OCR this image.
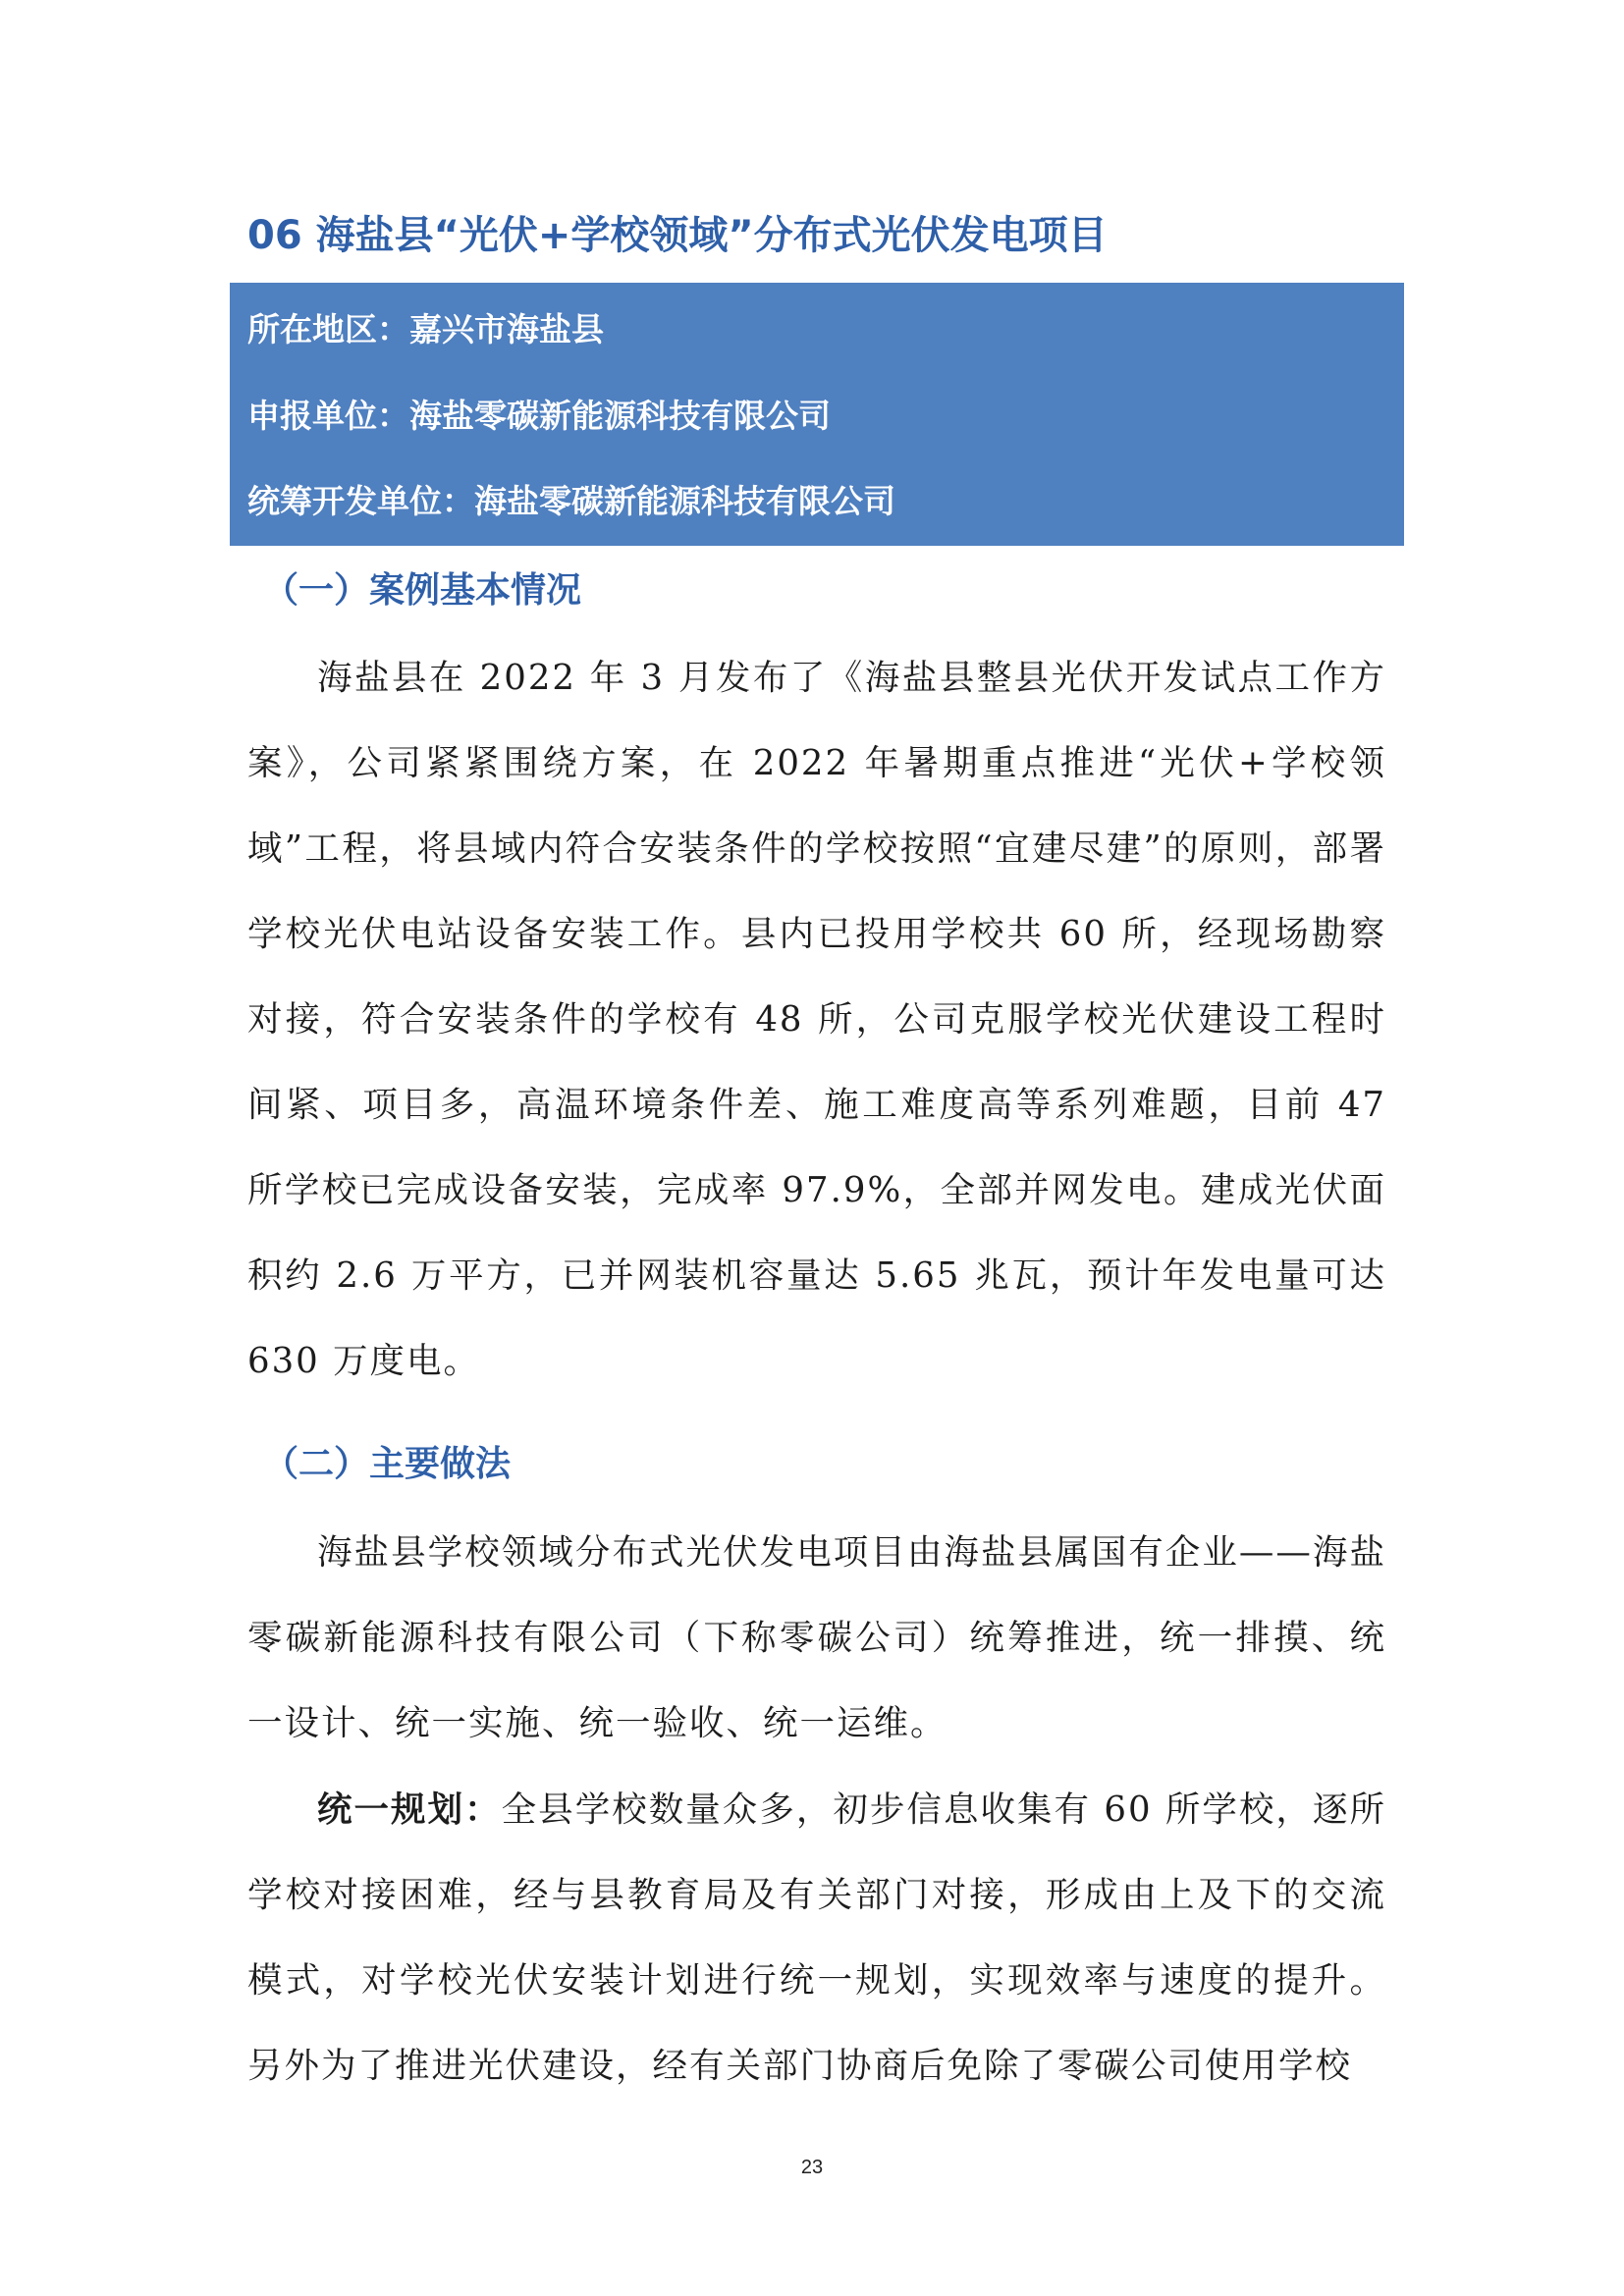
06 海盐县“光伏+学校领域”分布式光伏发电项目
所在地区：嘉兴市海盐县
申报单位：海盐零碳新能源科技有限公司
统筹开发单位：海盐零碳新能源科技有限公司
（一）案例基本情况

海盐县在 2022 年 3 月发布了《海盐县整县光伏开发试点工作方案》，公司紧紧围绕方案，在 2022 年暑期重点推进“光伏+学校领域”工程，将县域内符合安装条件的学校按照“宜建尽建”的原则，部署学校光伏电站设备安装工作。县内已投用学校共 60 所，经现场勘察对接，符合安装条件的学校有 48 所，公司克服学校光伏建设工程时间紧、项目多，高温环境条件差、施工难度高等系列难题，目前 47 所学校已完成设备安装，完成率 97.9%，全部并网发电。建成光伏面积约 2.6 万平方，已并网装机容量达 5.65 兆瓦，预计年发电量可达 630 万度电。

（二）主要做法

海盐县学校领域分布式光伏发电项目由海盐县属国有企业——海盐零碳新能源科技有限公司（下称零碳公司）统筹推进，统一排摸、统一设计、统一实施、统一验收、统一运维。

统一规划：全县学校数量众多，初步信息收集有 60 所学校，逐所学校对接困难，经与县教育局及有关部门对接，形成由上及下的交流模式，对学校光伏安装计划进行统一规划，实现效率与速度的提升。另外为了推进光伏建设，经有关部门协商后免除了零碳公司使用学校

23
